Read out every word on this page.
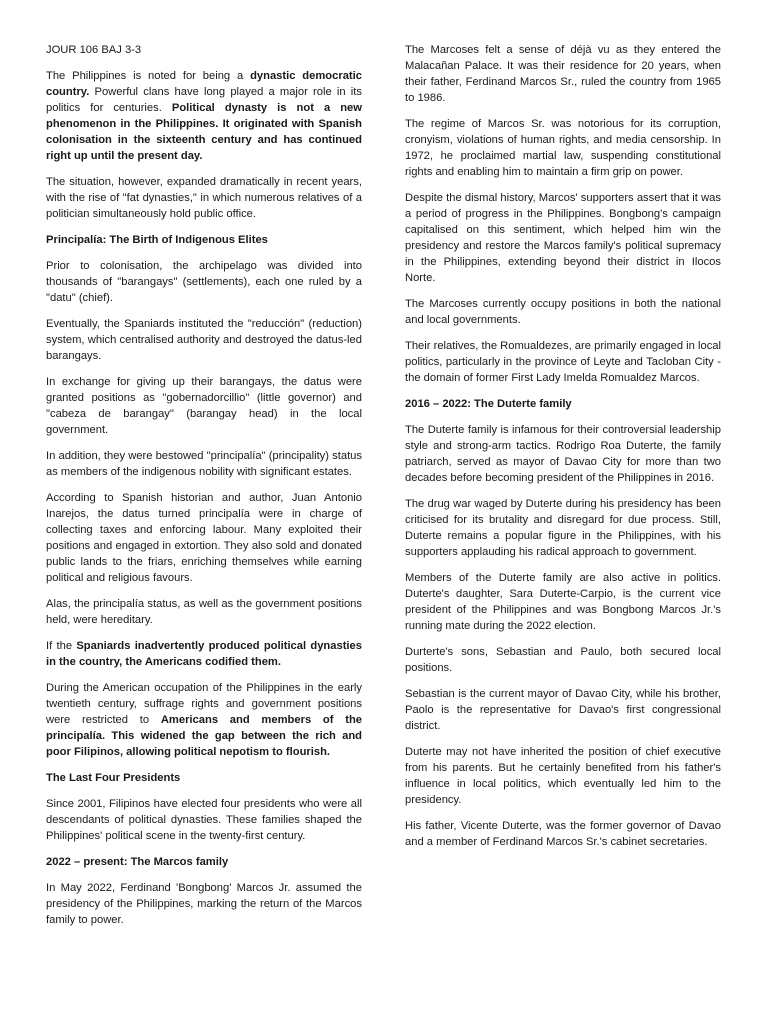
JOUR 106 BAJ 3-3

The Philippines is noted for being a dynastic democratic country. Powerful clans have long played a major role in its politics for centuries. Political dynasty is not a new phenomenon in the Philippines. It originated with Spanish colonisation in the sixteenth century and has continued right up until the present day.

The situation, however, expanded dramatically in recent years, with the rise of "fat dynasties," in which numerous relatives of a politician simultaneously hold public office.

Principalía: The Birth of Indigenous Elites

Prior to colonisation, the archipelago was divided into thousands of "barangays" (settlements), each one ruled by a "datu" (chief).

Eventually, the Spaniards instituted the "reducción" (reduction) system, which centralised authority and destroyed the datus-led barangays.

In exchange for giving up their barangays, the datus were granted positions as "gobernadorcillio" (little governor) and "cabeza de barangay" (barangay head) in the local government.

In addition, they were bestowed "principalía" (principality) status as members of the indigenous nobility with significant estates.

According to Spanish historian and author, Juan Antonio Inarejos, the datus turned principalía were in charge of collecting taxes and enforcing labour. Many exploited their positions and engaged in extortion. They also sold and donated public lands to the friars, enriching themselves while earning political and religious favours.

Alas, the principalía status, as well as the government positions held, were hereditary.

If the Spaniards inadvertently produced political dynasties in the country, the Americans codified them.

During the American occupation of the Philippines in the early twentieth century, suffrage rights and government positions were restricted to Americans and members of the principalía. This widened the gap between the rich and poor Filipinos, allowing political nepotism to flourish.

The Last Four Presidents

Since 2001, Filipinos have elected four presidents who were all descendants of political dynasties. These families shaped the Philippines' political scene in the twenty-first century.

2022 – present: The Marcos family

In May 2022, Ferdinand 'Bongbong' Marcos Jr. assumed the presidency of the Philippines, marking the return of the Marcos family to power.

The Marcoses felt a sense of déjà vu as they entered the Malacañan Palace. It was their residence for 20 years, when their father, Ferdinand Marcos Sr., ruled the country from 1965 to 1986.

The regime of Marcos Sr. was notorious for its corruption, cronyism, violations of human rights, and media censorship. In 1972, he proclaimed martial law, suspending constitutional rights and enabling him to maintain a firm grip on power.

Despite the dismal history, Marcos' supporters assert that it was a period of progress in the Philippines. Bongbong's campaign capitalised on this sentiment, which helped him win the presidency and restore the Marcos family's political supremacy in the Philippines, extending beyond their district in Ilocos Norte.

The Marcoses currently occupy positions in both the national and local governments.

Their relatives, the Romualdezes, are primarily engaged in local politics, particularly in the province of Leyte and Tacloban City - the domain of former First Lady Imelda Romualdez Marcos.

2016 – 2022: The Duterte family

The Duterte family is infamous for their controversial leadership style and strong-arm tactics. Rodrigo Roa Duterte, the family patriarch, served as mayor of Davao City for more than two decades before becoming president of the Philippines in 2016.

The drug war waged by Duterte during his presidency has been criticised for its brutality and disregard for due process. Still, Duterte remains a popular figure in the Philippines, with his supporters applauding his radical approach to government.

Members of the Duterte family are also active in politics. Duterte's daughter, Sara Duterte-Carpio, is the current vice president of the Philippines and was Bongbong Marcos Jr.'s running mate during the 2022 election.

Durterte's sons, Sebastian and Paulo, both secured local positions.

Sebastian is the current mayor of Davao City, while his brother, Paolo is the representative for Davao's first congressional district.

Duterte may not have inherited the position of chief executive from his parents. But he certainly benefited from his father's influence in local politics, which eventually led him to the presidency.

His father, Vicente Duterte, was the former governor of Davao and a member of Ferdinand Marcos Sr.'s cabinet secretaries.
